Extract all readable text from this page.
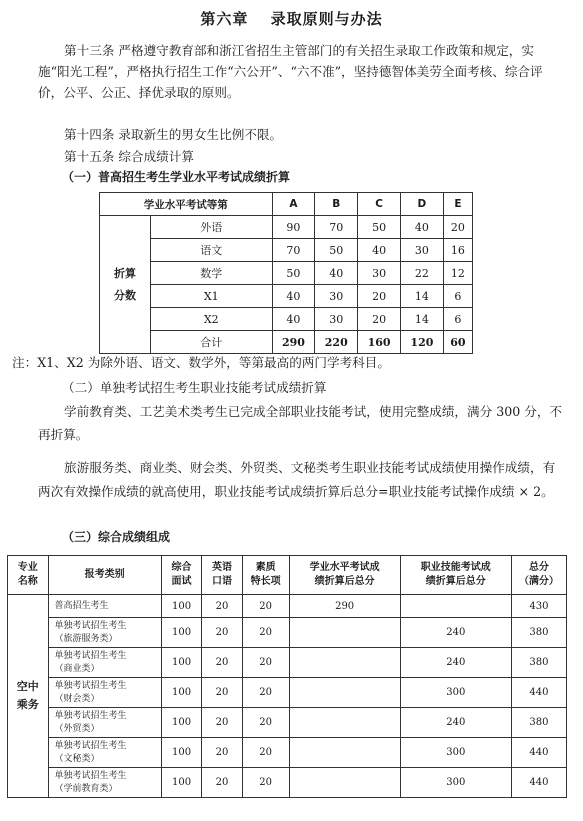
第六章　 录取原则与办法

第十三条 严格遵守教育部和浙江省招生主管部门的有关招生录取工作政策和规定，实施“阳光工程”，严格执行招生工作“六公开”、“六不准”，坚持德智体美劳全面考核、综合评价，公平、公正、择优录取的原则。

第十四条 录取新生的男女生比例不限。

第十五条 综合成绩计算

（一）普高招生考生学业水平考试成绩折算

学业水平考试等第		A	B	C	D	E
折算
分数	外语	90	70	50	40	20
	语文	70	50	40	30	16
	数学	50	40	30	22	12
	X1	40	30	20	14	6
	X2	40	30	20	14	6
	合计	290	220	160	120	60

注：X1、X2 为除外语、语文、数学外，等第最高的两门学考科目。

（二）单独考试招生考生职业技能考试成绩折算

学前教育类、工艺美术类考生已完成全部职业技能考试，使用完整成绩，满分 300 分，不再折算。

旅游服务类、商业类、财会类、外贸类、文秘类考生职业技能考试成绩使用操作成绩，有两次有效操作成绩的就高使用，职业技能考试成绩折算后总分=职业技能考试操作成绩 × 2。

（三）综合成绩组成

专业
名称	报考类别	综合
面试	英语
口语	素质
特长项	学业水平考试成
绩折算后总分	职业技能考试成
绩折算后总分	总分
（满分）
空中
乘务	普高招生考生	100	20	20	290		430
	单独考试招生考生
（旅游服务类）	100	20	20		240	380
	单独考试招生考生
（商业类）	100	20	20		240	380
	单独考试招生考生
（财会类）	100	20	20		300	440
	单独考试招生考生
（外贸类）	100	20	20		240	380
	单独考试招生考生
（文秘类）	100	20	20		300	440
	单独考试招生考生
（学前教育类）	100	20	20		300	440
